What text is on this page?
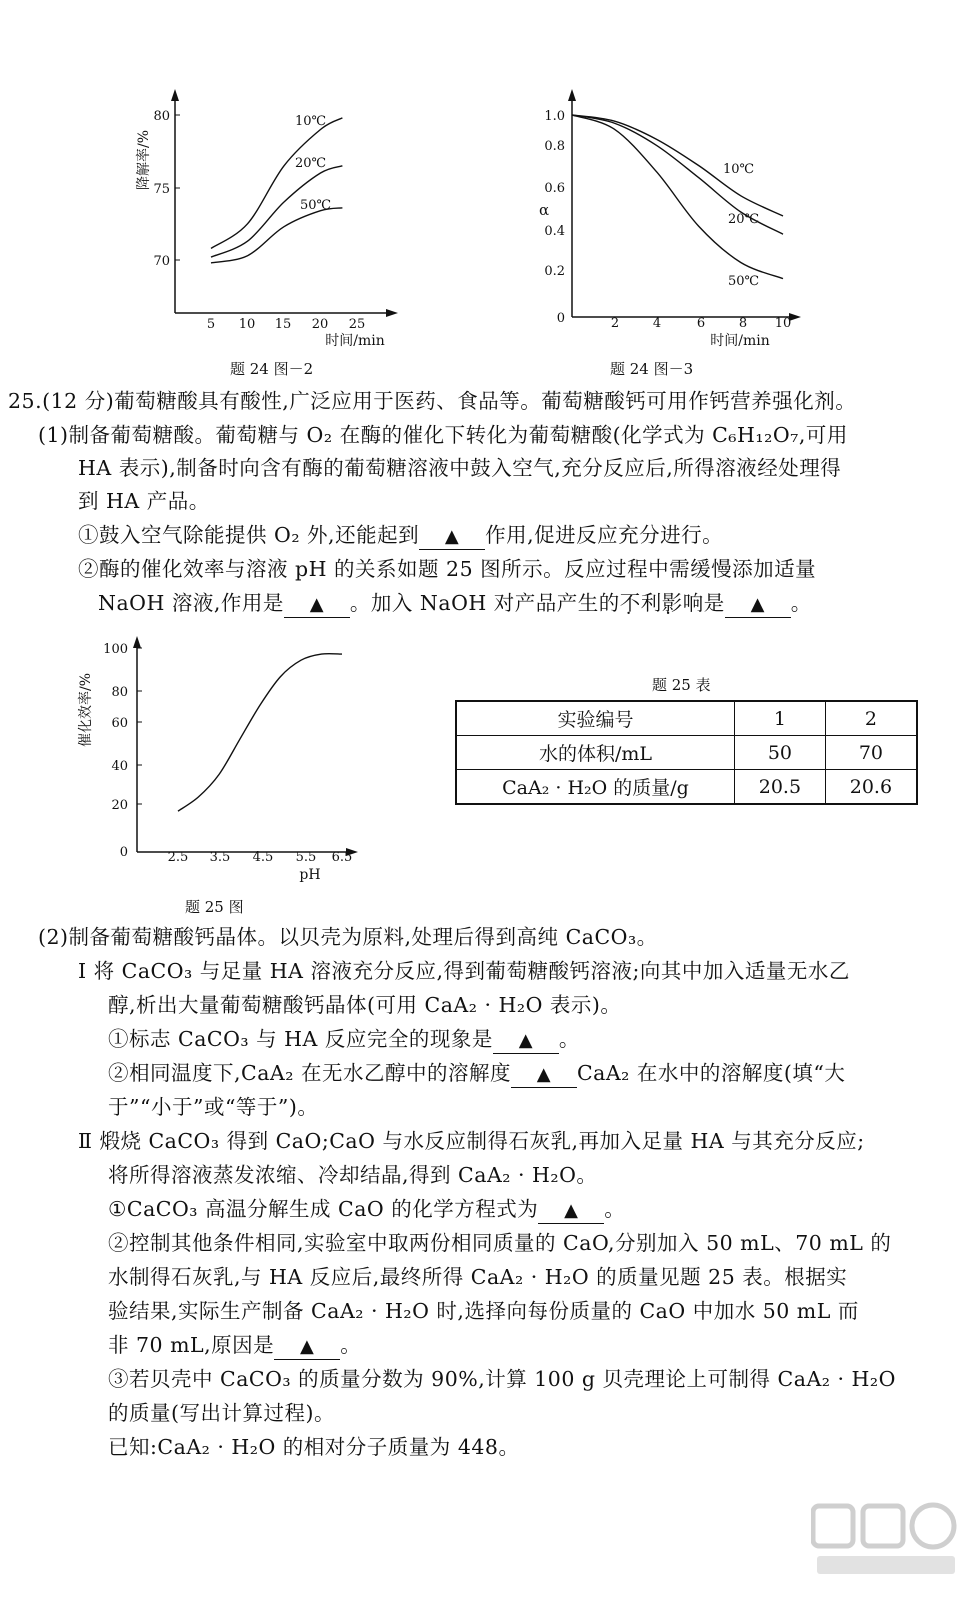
80
75
70
5 10 15 20 25
降解率/%
时间/min
10℃
20℃
50℃
题 24 图－2
1.0
0.8
0.6
0.4
0.2
0	2	4	6	8 10
α
时间/min
10℃
20℃
50℃
题 24 图－3
25.(12 分)葡萄糖酸具有酸性,广泛应用于医药、食品等。葡萄糖酸钙可用作钙营养强化剂。
(1)制备葡萄糖酸。葡萄糖与 O₂ 在酶的催化下转化为葡萄糖酸(化学式为 C₆H₁₂O₇,可用
HA 表示),制备时向含有酶的葡萄糖溶液中鼓入空气,充分反应后,所得溶液经处理得
到 HA 产品。
①鼓入空气除能提供 O₂ 外,还能起到 ▲ 作用,促进反应充分进行。
②酶的催化效率与溶液 pH 的关系如题 25 图所示。反应过程中需缓慢添加适量
NaOH 溶液,作用是 ▲ 。加入 NaOH 对产品产生的不利 · ·影响是 ▲ 。
100
80
60
40
20
0	2.5 3.5 4.5 5.5 6.5
催化效率/%
pH
题 25 图
题 25 表
实验编号	1	2
水的体积/mL	50	70
CaA₂ · H₂O 的质量/g	20.5	20.6
(2)制备葡萄糖酸钙晶体。以贝壳为原料,处理后得到高纯 CaCO₃。
Ⅰ 将 CaCO₃ 与足量 HA 溶液充分反应,得到葡萄糖酸钙溶液;向其中加入适量无水乙
醇,析出大量葡萄糖酸钙晶体(可用 CaA₂ · H₂O 表示)。
①标志 CaCO₃ 与 HA 反应完全的现象是 ▲ 。
②相同温度下,CaA₂ 在无水乙醇中的溶解度 ▲ CaA₂ 在水中的溶解度(填“大
于”“小于”或“等于”)。
Ⅱ 煅烧 CaCO₃ 得到 CaO;CaO 与水反应制得石灰乳,再加入足量 HA 与其充分反应;
将所得溶液蒸发浓缩、冷却结晶,得到 CaA₂ · H₂O。
①CaCO₃ 高温分解生成 CaO 的化学方程式为 ▲ 。
②控制其他条件相同,实验室中取两份相同质量的 CaO,分别加入 50 mL、70 mL 的
水制得石灰乳,与 HA 反应后,最终所得 CaA₂ · H₂O 的质量见题 25 表。根据实
验结果,实际生产制备 CaA₂ · H₂O 时,选择向每份质量的 CaO 中加水 50 mL 而
非 70 mL,原因是 ▲ 。
③若贝壳中 CaCO₃ 的质量分数为 90%,计算 100 g 贝壳理论上可制得 CaA₂ · H₂O
的质量(写出计算过程)。
已知:CaA₂ · H₂O 的相对分子质量为 448。
